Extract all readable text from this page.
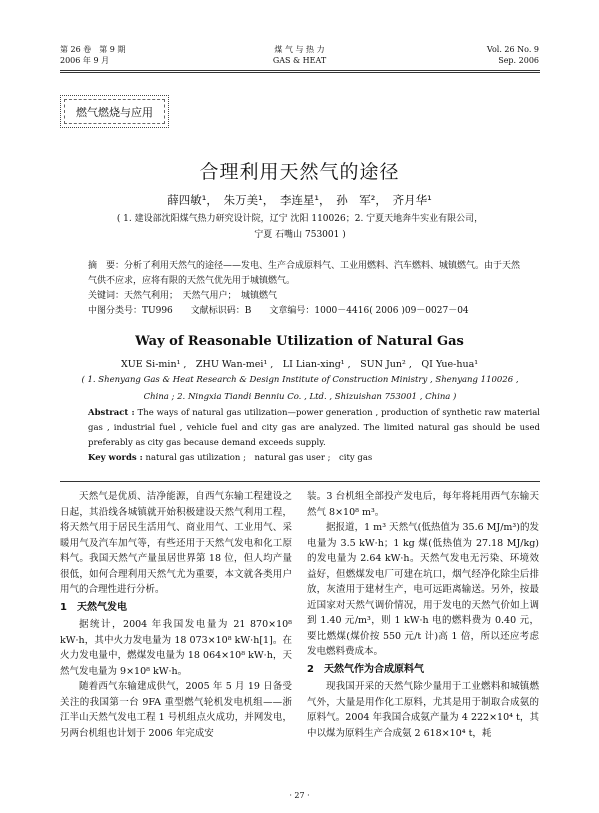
第 26 卷　第 9 期
2006 年 9 月
煤 气 与 热 力
GAS & HEAT
Vol. 26 No. 9
Sep. 2006
燃气燃烧与应用
合理利用天然气的途径
薛四敏¹，　朱万美¹，　李连星¹，　孙　军²，　齐月华¹
( 1. 建设部沈阳煤气热力研究设计院，辽宁 沈阳 110026；2. 宁夏天地奔牛实业有限公司，
宁夏 石嘴山 753001 )
摘　要：分析了利用天然气的途径——发电、生产合成原料气、工业用燃料、汽车燃料、城镇燃气。由于天然气供不应求，应将有限的天然气优先用于城镇燃气。
关键词：天然气利用；　天然气用户；　城镇燃气
中图分类号：TU996　　文献标识码：B　　文章编号：1000－4416( 2006 )09－0027－04
Way of Reasonable Utilization of Natural Gas
XUE Si-min¹ ,　ZHU Wan-mei¹ ,　LI Lian-xing¹ ,　SUN Jun² ,　QI Yue-hua¹
( 1. Shenyang Gas & Heat Research & Design Institute of Construction Ministry , Shenyang 110026 ,
China ; 2. Ningxia Tiandi Benniu Co. , Ltd. , Shizuishan 753001 , China )
Abstract : The ways of natural gas utilization—power generation , production of synthetic raw material gas , industrial fuel , vehicle fuel and city gas are analyzed. The limited natural gas should be used preferably as city gas because demand exceeds supply.
Key words : natural gas utilization ;　natural gas user ;　city gas

天然气是优质、洁净能源，自西气东输工程建设之日起，其沿线各城镇就开始积极建设天然气利用工程，将天然气用于居民生活用气、商业用气、工业用气、采暖用气及汽车加气等，有些还用于天然气发电和化工原料气。我国天然气产量虽居世界第 18 位，但人均产量很低，如何合理利用天然气尤为重要，本文就各类用户用气的合理性进行分析。

1　天然气发电

据统计，2004 年我国发电量为 21 870×10⁸ kW·h，其中火力发电量为 18 073×10⁸ kW·h[1]。在火力发电量中，燃煤发电量为 18 064×10⁸ kW·h，天然气发电量为 9×10⁸ kW·h。

随着西气东输建成供气，2005 年 5 月 19 日备受关注的我国第一台 9FA 重型燃气轮机发电机组——浙江半山天然气发电工程 1 号机组点火成功，并网发电，另两台机组也计划于 2006 年完成安

装。3 台机组全部投产发电后，每年将耗用西气东输天然气 8×10⁸ m³。

据报道，1 m³ 天然气(低热值为 35.6 MJ/m³)的发电量为 3.5 kW·h；1 kg 煤(低热值为 27.18 MJ/kg)的发电量为 2.64 kW·h。天然气发电无污染、环境效益好，但燃煤发电厂可建在坑口，烟气经净化除尘后排放，灰渣用于建材生产，电可远距离输送。另外，按最近国家对天然气调价情况，用于发电的天然气价如上调到 1.40 元/m³，则 1 kW·h 电的燃料费为 0.40 元，要比燃煤(煤价按 550 元/t 计)高 1 倍，所以还应考虑发电燃料费成本。

2　天然气作为合成原料气

现我国开采的天然气除少量用于工业燃料和城镇燃气外，大量是用作化工原料，尤其是用于制取合成氨的原料气。2004 年我国合成氨产量为 4 222×10⁴ t，其中以煤为原料生产合成氨 2 618×10⁴ t，耗

· 27 ·
